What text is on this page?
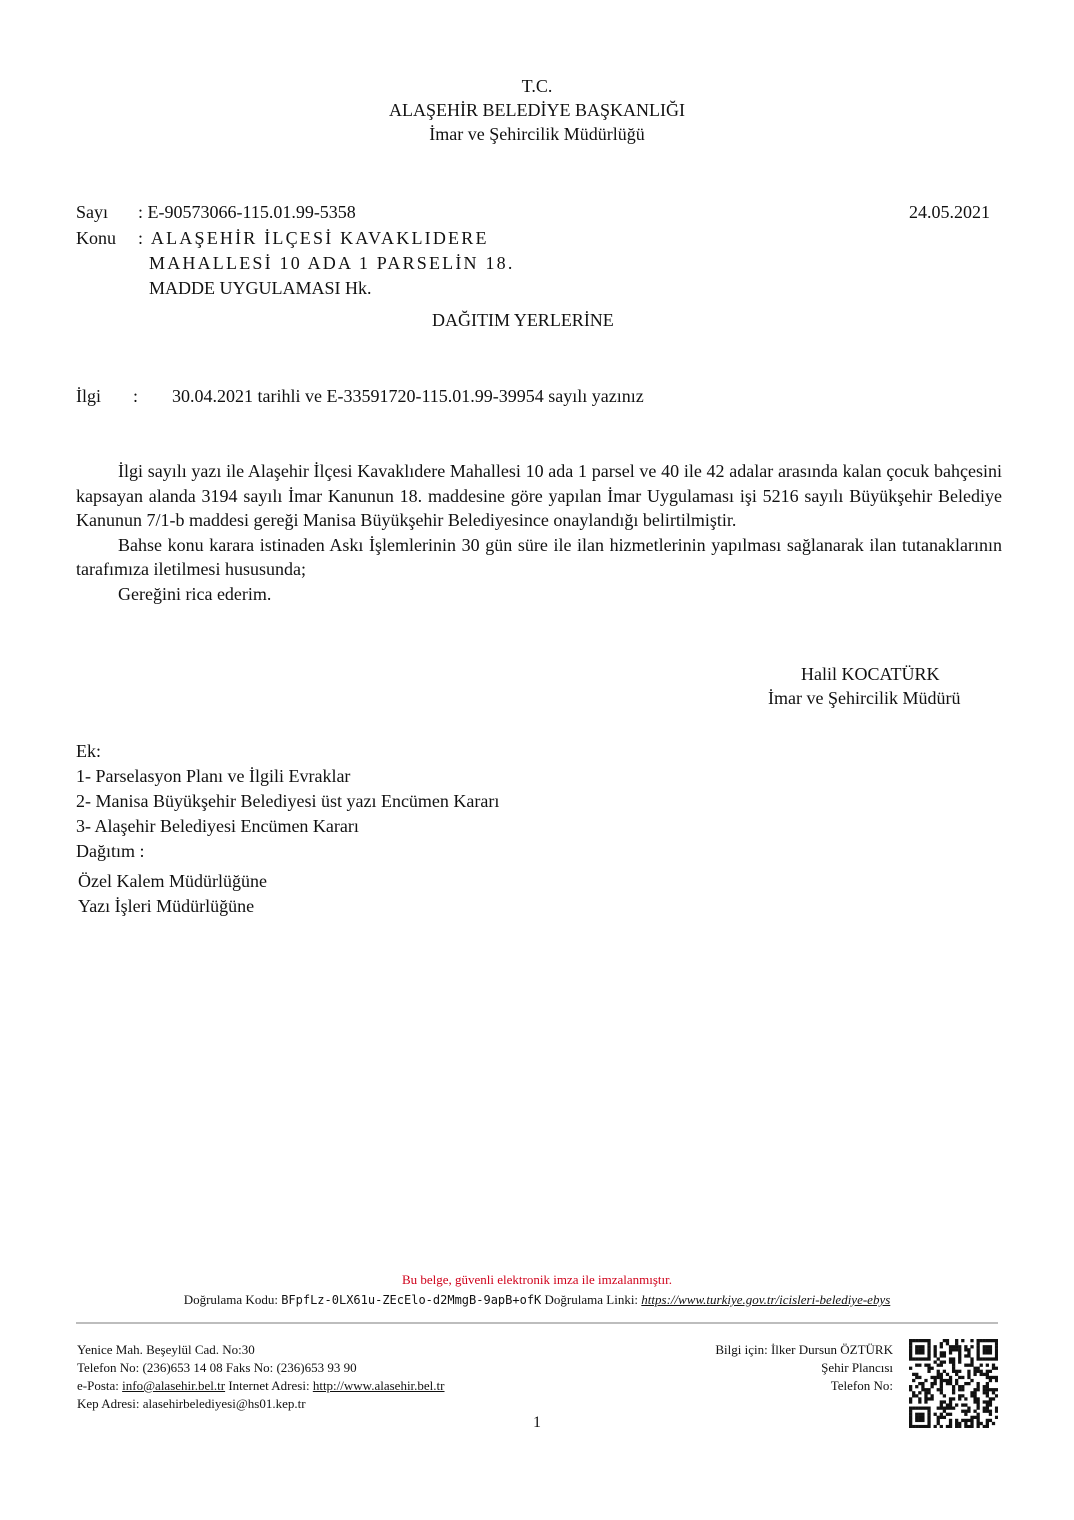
T.C.
ALAŞEHİR BELEDİYE BAŞKANLIĞI
İmar ve Şehircilik Müdürlüğü
Sayı : E-90573066-115.01.99-5358	24.05.2021
Konu : ALAŞEHİR İLÇESİ KAVAKLIDERE
MAHALLESİ 10 ADA 1 PARSELİN 18.
MADDE UYGULAMASI Hk.
DAĞITIM YERLERİNE
İlgi : 30.04.2021 tarihli ve E-33591720-115.01.99-39954 sayılı yazınız

İlgi sayılı yazı ile Alaşehir İlçesi Kavaklıdere Mahallesi 10 ada 1 parsel ve 40 ile 42 adalar arasında kalan çocuk bahçesini kapsayan alanda 3194 sayılı İmar Kanunun 18. maddesine göre yapılan İmar Uygulaması işi 5216 sayılı Büyükşehir Belediye Kanunun 7/1-b maddesi gereği Manisa Büyükşehir Belediyesince onaylandığı belirtilmiştir.

Bahse konu karara istinaden Askı İşlemlerinin 30 gün süre ile ilan hizmetlerinin yapılması sağlanarak ilan tutanaklarının tarafımıza iletilmesi hususunda;

Gereğini rica ederim.

Halil KOCATÜRK
İmar ve Şehircilik Müdürü
Ek:
1- Parselasyon Planı ve İlgili Evraklar
2- Manisa Büyükşehir Belediyesi üst yazı Encümen Kararı
3- Alaşehir Belediyesi Encümen Kararı
Dağıtım :
Özel Kalem Müdürlüğüne
Yazı İşleri Müdürlüğüne
Bu belge, güvenli elektronik imza ile imzalanmıştır.
Doğrulama Kodu: BFpfLz-0LX61u-ZEcElo-d2MmgB-9apB+ofK Doğrulama Linki: https://www.turkiye.gov.tr/icisleri-belediye-ebys
Yenice Mah. Beşeylül Cad. No:30
Telefon No: (236)653 14 08 Faks No: (236)653 93 90
e-Posta: info@alasehir.bel.tr Internet Adresi: http://www.alasehir.bel.tr
Kep Adresi: alasehirbelediyesi@hs01.kep.tr
Bilgi için: İlker Dursun ÖZTÜRK
Şehir Plancısı
Telefon No:
1
